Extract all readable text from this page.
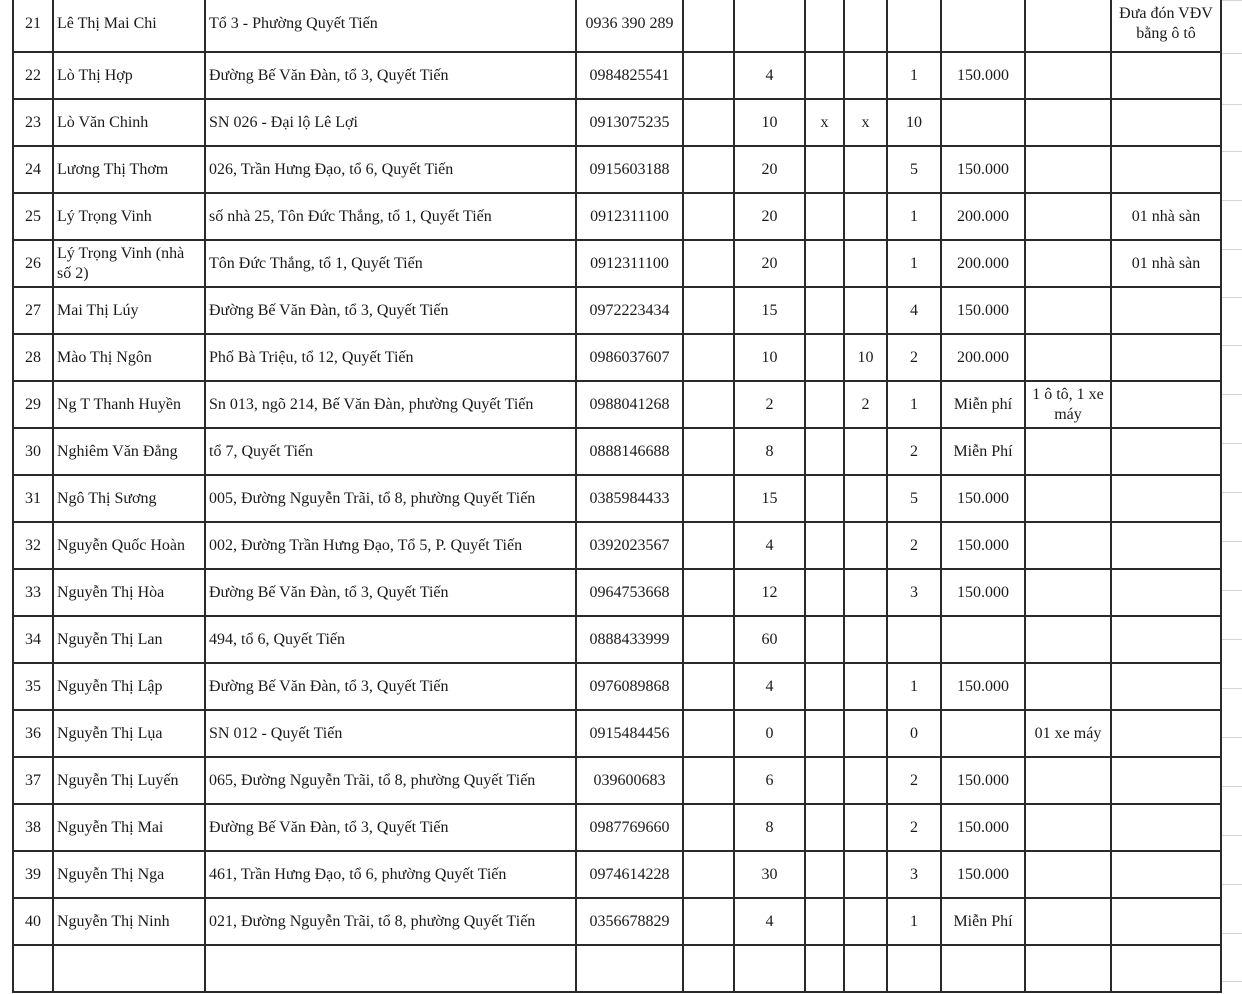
21	Lê Thị Mai Chi	Tổ 3 - Phường Quyết Tiến	0936 390 289								Đưa đón VĐV bằng ô tô
22	Lò Thị Hợp	Đường Bế Văn Đàn, tổ 3, Quyết Tiến	0984825541		4			1	150.000		
23	Lò Văn Chinh	SN 026 - Đại lộ Lê Lợi	0913075235		10	x	x	10			
24	Lương Thị Thơm	026, Trần Hưng Đạo, tổ 6, Quyết Tiến	0915603188		20			5	150.000		
25	Lý Trọng Vinh	số nhà 25, Tôn Đức Thắng, tổ 1, Quyết Tiến	0912311100		20			1	200.000		01 nhà sàn
26	Lý Trọng Vinh (nhà số 2)	Tôn Đức Thắng, tổ 1, Quyết Tiến	0912311100		20			1	200.000		01 nhà sàn
27	Mai Thị Lúy	Đường Bế Văn Đàn, tổ 3, Quyết Tiến	0972223434		15			4	150.000		
28	Mào Thị Ngôn	Phố Bà Triệu, tổ 12, Quyết Tiến	0986037607		10		10	2	200.000		
29	Ng T Thanh Huyền	Sn 013, ngõ 214, Bế Văn Đàn, phường Quyết Tiến	0988041268		2		2	1	Miễn phí	1 ô tô, 1 xe máy	
30	Nghiêm Văn Đẳng	tổ 7, Quyết Tiến	0888146688		8			2	Miễn Phí		
31	Ngô Thị Sương	005, Đường Nguyễn Trãi, tổ 8, phường Quyết Tiến	0385984433		15			5	150.000		
32	Nguyễn Quốc Hoàn	002, Đường Trần Hưng Đạo, Tổ 5, P. Quyết Tiến	0392023567		4			2	150.000		
33	Nguyễn Thị Hòa	Đường Bế Văn Đàn, tổ 3, Quyết Tiến	0964753668		12			3	150.000		
34	Nguyễn Thị Lan	494, tổ 6, Quyết Tiến	0888433999		60						
35	Nguyễn Thị Lập	Đường Bế Văn Đàn, tổ 3, Quyết Tiến	0976089868		4			1	150.000		
36	Nguyễn Thị Lụa	SN 012 - Quyết Tiến	0915484456		0			0		01 xe máy	
37	Nguyễn Thị Luyến	065, Đường Nguyễn Trãi, tổ 8, phường Quyết Tiến	039600683		6			2	150.000		
38	Nguyễn Thị Mai	Đường Bế Văn Đàn, tổ 3, Quyết Tiến	0987769660		8			2	150.000		
39	Nguyễn Thị Nga	461, Trần Hưng Đạo, tổ 6, phường Quyết Tiến	0974614228		30			3	150.000		
40	Nguyễn Thị Ninh	021, Đường Nguyễn Trãi, tổ 8, phường Quyết Tiến	0356678829		4			1	Miễn Phí		
